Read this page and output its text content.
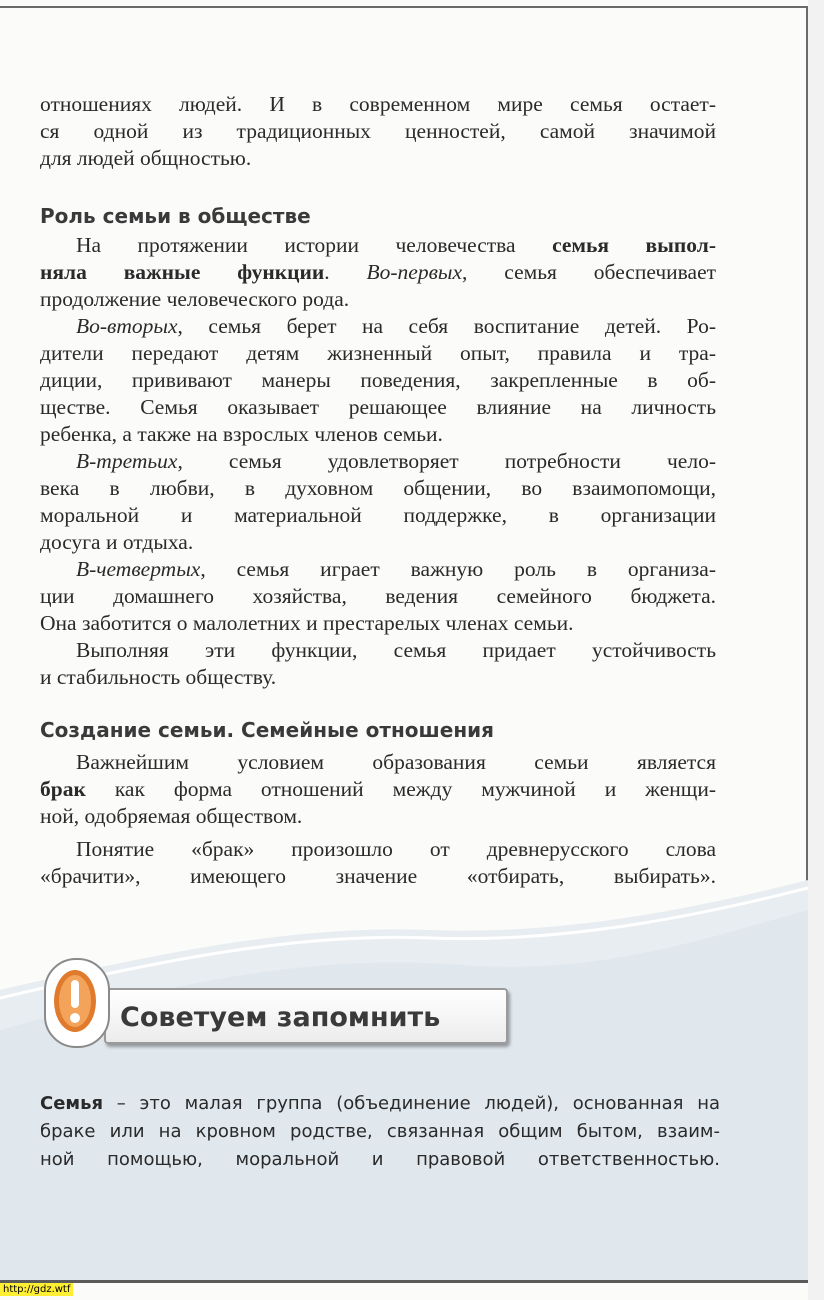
отношениях людей. И в современном мире семья остает-

ся одной из традиционных ценностей, самой значимой

для людей общностью.

Роль семьи в обществе

На протяжении истории человечества семья выпол-

няла важные функции. Во-первых, семья обеспечивает

продолжение человеческого рода.

Во-вторых, семья берет на себя воспитание детей. Ро-

дители передают детям жизненный опыт, правила и тра-

диции, прививают манеры поведения, закрепленные в об-

ществе. Семья оказывает решающее влияние на личность

ребенка, а также на взрослых членов семьи.

В-третьих, семья удовлетворяет потребности чело-

века в любви, в духовном общении, во взаимопомощи,

моральной и материальной поддержке, в организации

досуга и отдыха.

В-четвертых, семья играет важную роль в организа-

ции домашнего хозяйства, ведения семейного бюджета.

Она заботится о малолетних и престарелых членах семьи.

Выполняя эти функции, семья придает устойчивость

и стабильность обществу.

Создание семьи. Семейные отношения

Важнейшим условием образования семьи является

брак как форма отношений между мужчиной и женщи-

ной, одобряемая обществом.

Понятие «брак» произошло от древнерусского слова

«брачити», имеющего значение «отбирать, выбирать».

Советуем запомнить

Семья – это малая группа (объединение людей), основанная на

браке или на кровном родстве, связанная общим бытом, взаим-

ной помощью, моральной и правовой ответственностью.

http://gdz.wtf
